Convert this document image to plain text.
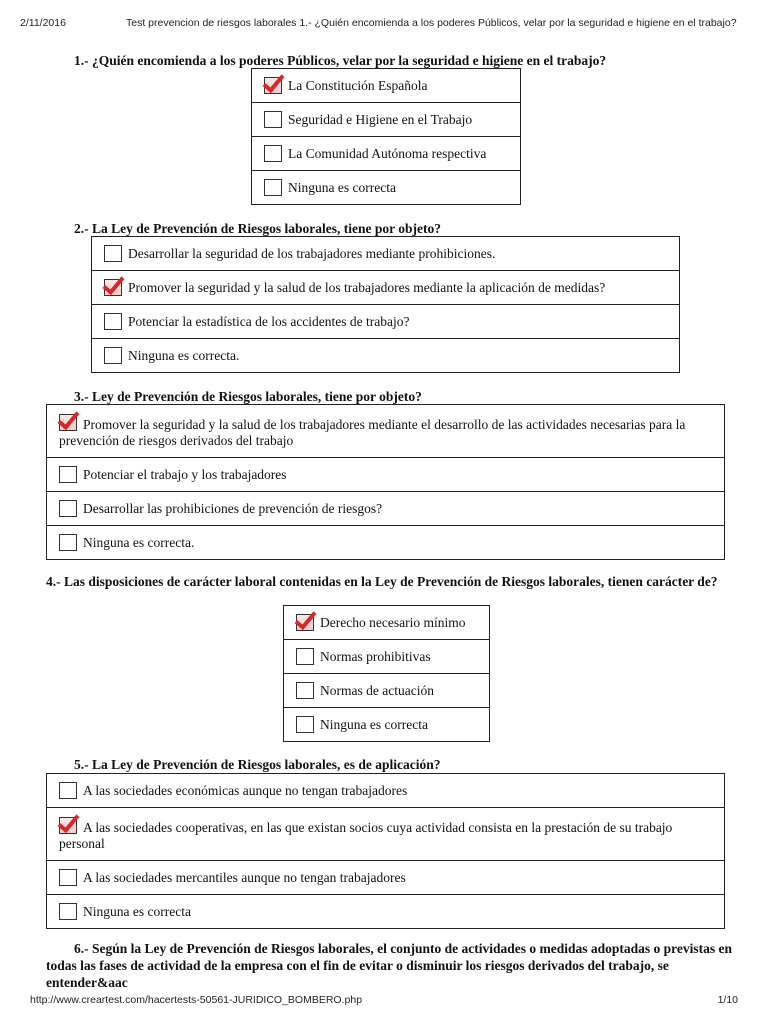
2/11/2016	Test prevencion de riesgos laborales 1.- ¿Quién encomienda a los poderes Públicos, velar por la seguridad e higiene en el trabajo?
1.- ¿Quién encomienda a los poderes Públicos, velar por la seguridad e higiene en el trabajo?
La Constitución Española

Seguridad e Higiene en el Trabajo

La Comunidad Autónoma respectiva

Ninguna es correcta
2.- La Ley de Prevención de Riesgos laborales, tiene por objeto?
Desarrollar la seguridad de los trabajadores mediante prohibiciones.

Promover la seguridad y la salud de los trabajadores mediante la aplicación de medidas?

Potenciar la estadística de los accidentes de trabajo?

Ninguna es correcta.
3.- Ley de Prevención de Riesgos laborales, tiene por objeto?
Promover la seguridad y la salud de los trabajadores mediante el desarrollo de las actividades necesarias para la prevención de riesgos derivados del trabajo

Potenciar el trabajo y los trabajadores

Desarrollar las prohibiciones de prevención de riesgos?

Ninguna es correcta.
4.- Las disposiciones de carácter laboral contenidas en la Ley de Prevención de Riesgos laborales, tienen carácter de?
Derecho necesario mínimo

Normas prohibitivas

Normas de actuación

Ninguna es correcta
5.- La Ley de Prevención de Riesgos laborales, es de aplicación?
A las sociedades económicas aunque no tengan trabajadores

A las sociedades cooperativas, en las que existan socios cuya actividad consista en la prestación de su trabajo personal

A las sociedades mercantiles aunque no tengan trabajadores

Ninguna es correcta
6.- Según la Ley de Prevención de Riesgos laborales, el conjunto de actividades o medidas adoptadas o previstas en todas las fases de actividad de la empresa con el fin de evitar o disminuir los riesgos derivados del trabajo, se entender&aac
http://www.creartest.com/hacertests-50561-JURIDICO_BOMBERO.php	1/10
